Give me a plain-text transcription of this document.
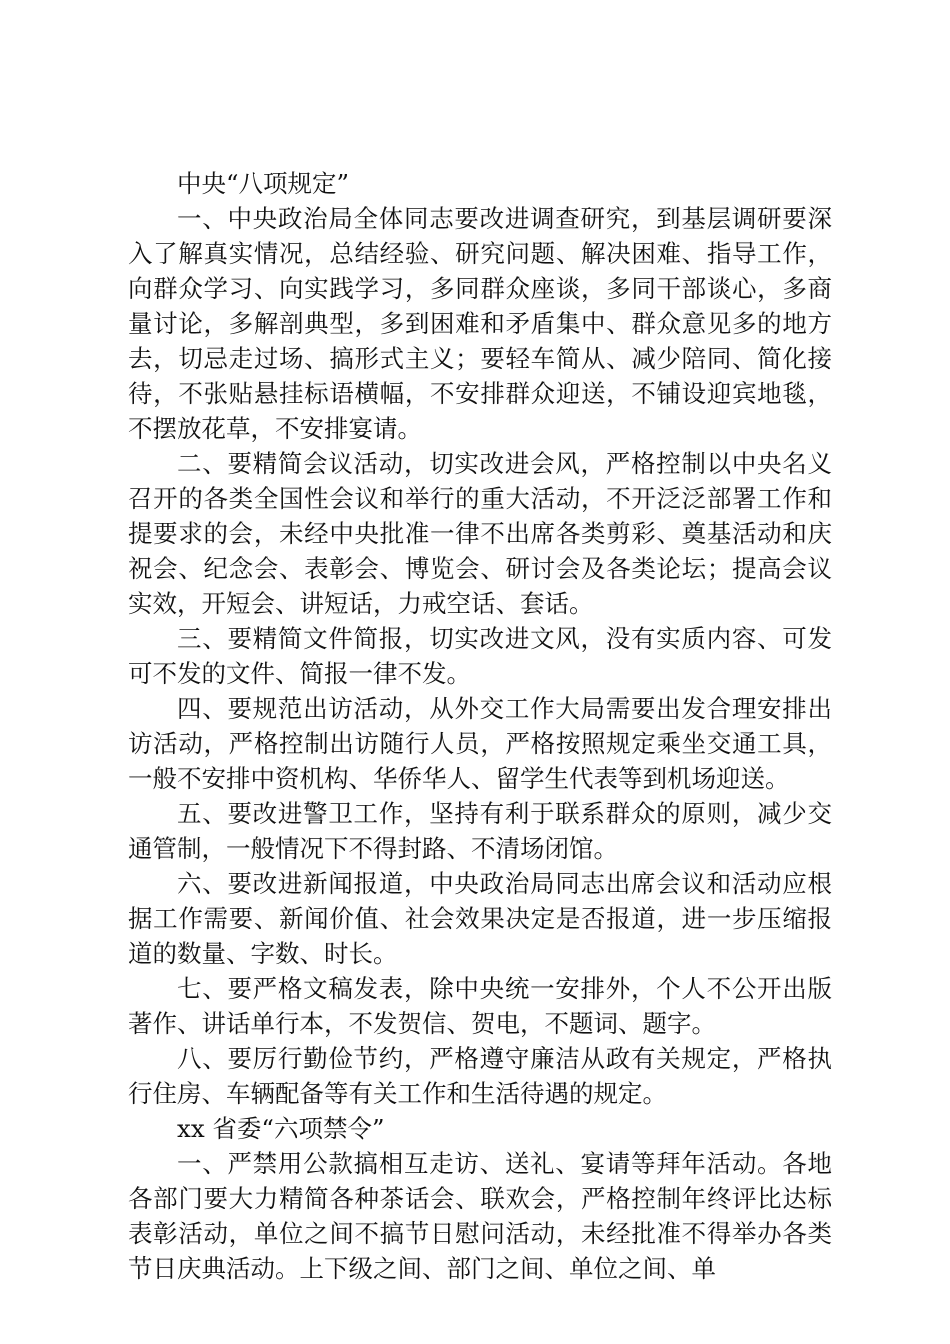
中央“八项规定”

一、中央政治局全体同志要改进调查研究，到基层调研要深入了解真实情况，总结经验、研究问题、解决困难、指导工作，向群众学习、向实践学习，多同群众座谈，多同干部谈心，多商量讨论，多解剖典型，多到困难和矛盾集中、群众意见多的地方去，切忌走过场、搞形式主义；要轻车简从、减少陪同、简化接待，不张贴悬挂标语横幅，不安排群众迎送，不铺设迎宾地毯，不摆放花草，不安排宴请。

二、要精简会议活动，切实改进会风，严格控制以中央名义召开的各类全国性会议和举行的重大活动，不开泛泛部署工作和提要求的会，未经中央批准一律不出席各类剪彩、奠基活动和庆祝会、纪念会、表彰会、博览会、研讨会及各类论坛；提高会议实效，开短会、讲短话，力戒空话、套话。

三、要精简文件简报，切实改进文风，没有实质内容、可发可不发的文件、简报一律不发。

四、要规范出访活动，从外交工作大局需要出发合理安排出访活动，严格控制出访随行人员，严格按照规定乘坐交通工具，一般不安排中资机构、华侨华人、留学生代表等到机场迎送。

五、要改进警卫工作，坚持有利于联系群众的原则，减少交通管制，一般情况下不得封路、不清场闭馆。

六、要改进新闻报道，中央政治局同志出席会议和活动应根据工作需要、新闻价值、社会效果决定是否报道，进一步压缩报道的数量、字数、时长。

七、要严格文稿发表，除中央统一安排外，个人不公开出版著作、讲话单行本，不发贺信、贺电，不题词、题字。

八、要厉行勤俭节约，严格遵守廉洁从政有关规定，严格执行住房、车辆配备等有关工作和生活待遇的规定。

xx 省委“六项禁令”

一、严禁用公款搞相互走访、送礼、宴请等拜年活动。各地各部门要大力精简各种茶话会、联欢会，严格控制年终评比达标表彰活动，单位之间不搞节日慰问活动，未经批准不得举办各类节日庆典活动。上下级之间、部门之间、单位之间、单
